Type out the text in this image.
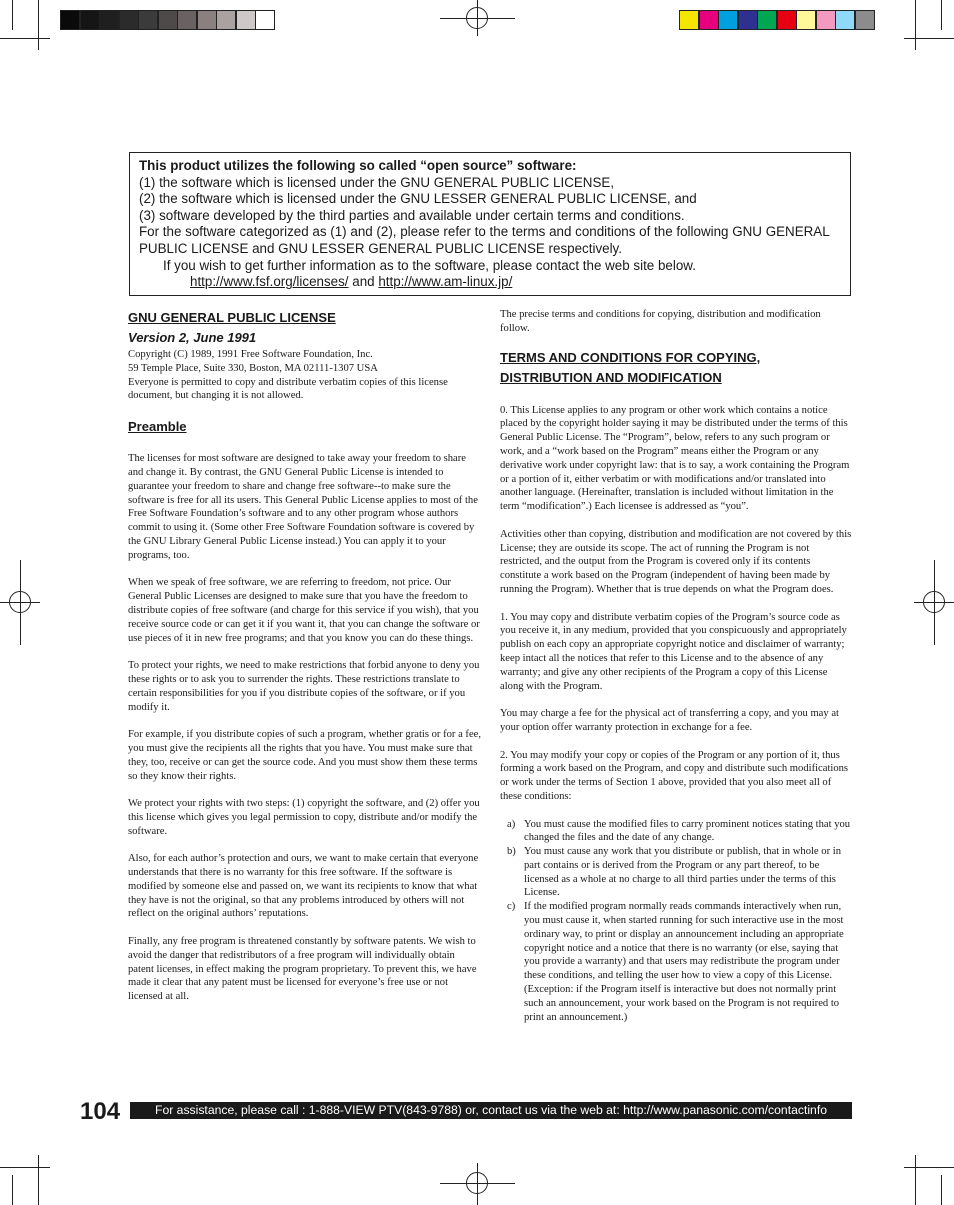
This product utilizes the following so called “open source” software:
(1) the software which is licensed under the GNU GENERAL PUBLIC LICENSE,
(2) the software which is licensed under the GNU LESSER GENERAL PUBLIC LICENSE, and
(3) software developed by the third parties and available under certain terms and conditions.
For the software categorized as (1) and (2), please refer to the terms and conditions of the following GNU GENERAL PUBLIC LICENSE and GNU LESSER GENERAL PUBLIC LICENSE respectively.
If you wish to get further information as to the software, please contact the web site below.
http://www.fsf.org/licenses/ and http://www.am-linux.jp/
GNU GENERAL PUBLIC LICENSE
Version 2, June 1991

Copyright (C) 1989, 1991 Free Software Foundation, Inc.

59 Temple Place, Suite 330, Boston, MA 02111-1307 USA

Everyone is permitted to copy and distribute verbatim copies of this license document, but changing it is not allowed.

Preamble

The licenses for most software are designed to take away your freedom to share and change it. By contrast, the GNU General Public License is intended to guarantee your freedom to share and change free software--to make sure the software is free for all its users. This General Public License applies to most of the Free Software Foundation’s software and to any other program whose authors commit to using it. (Some other Free Software Foundation software is covered by the GNU Library General Public License instead.) You can apply it to your programs, too.

When we speak of free software, we are referring to freedom, not price. Our General Public Licenses are designed to make sure that you have the freedom to distribute copies of free software (and charge for this service if you wish), that you receive source code or can get it if you want it, that you can change the software or use pieces of it in new free programs; and that you know you can do these things.

To protect your rights, we need to make restrictions that forbid anyone to deny you these rights or to ask you to surrender the rights. These restrictions translate to certain responsibilities for you if you distribute copies of the software, or if you modify it.

For example, if you distribute copies of such a program, whether gratis or for a fee, you must give the recipients all the rights that you have. You must make sure that they, too, receive or can get the source code. And you must show them these terms so they know their rights.

We protect your rights with two steps: (1) copyright the software, and (2) offer you this license which gives you legal permission to copy, distribute and/or modify the software.

Also, for each author’s protection and ours, we want to make certain that everyone understands that there is no warranty for this free software. If the software is modified by someone else and passed on, we want its recipients to know that what they have is not the original, so that any problems introduced by others will not reflect on the original authors’ reputations.

Finally, any free program is threatened constantly by software patents. We wish to avoid the danger that redistributors of a free program will individually obtain patent licenses, in effect making the program proprietary. To prevent this, we have made it clear that any patent must be licensed for everyone’s free use or not licensed at all.

The precise terms and conditions for copying, distribution and modification follow.

TERMS AND CONDITIONS FOR COPYING,
DISTRIBUTION AND MODIFICATION

0. This License applies to any program or other work which contains a notice placed by the copyright holder saying it may be distributed under the terms of this General Public License. The “Program”, below, refers to any such program or work, and a “work based on the Program” means either the Program or any derivative work under copyright law: that is to say, a work containing the Program or a portion of it, either verbatim or with modifications and/or translated into another language. (Hereinafter, translation is included without limitation in the term “modification”.) Each licensee is addressed as “you”.

Activities other than copying, distribution and modification are not covered by this License; they are outside its scope. The act of running the Program is not restricted, and the output from the Program is covered only if its contents constitute a work based on the Program (independent of having been made by running the Program). Whether that is true depends on what the Program does.

1. You may copy and distribute verbatim copies of the Program’s source code as you receive it, in any medium, provided that you conspicuously and appropriately publish on each copy an appropriate copyright notice and disclaimer of warranty; keep intact all the notices that refer to this License and to the absence of any warranty; and give any other recipients of the Program a copy of this License along with the Program.

You may charge a fee for the physical act of transferring a copy, and you may at your option offer warranty protection in exchange for a fee.

2. You may modify your copy or copies of the Program or any portion of it, thus forming a work based on the Program, and copy and distribute such modifications or work under the terms of Section 1 above, provided that you also meet all of these conditions:

a) You must cause the modified files to carry prominent notices stating that you changed the files and the date of any change.
b) You must cause any work that you distribute or publish, that in whole or in part contains or is derived from the Program or any part thereof, to be licensed as a whole at no charge to all third parties under the terms of this License.
c) If the modified program normally reads commands interactively when run, you must cause it, when started running for such interactive use in the most ordinary way, to print or display an announcement including an appropriate copyright notice and a notice that there is no warranty (or else, saying that you provide a warranty) and that users may redistribute the program under these conditions, and telling the user how to view a copy of this License. (Exception: if the Program itself is interactive but does not normally print such an announcement, your work based on the Program is not required to print an announcement.)
104	For assistance, please call : 1-888-VIEW PTV(843-9788) or, contact us via the web at: http://www.panasonic.com/contactinfo
